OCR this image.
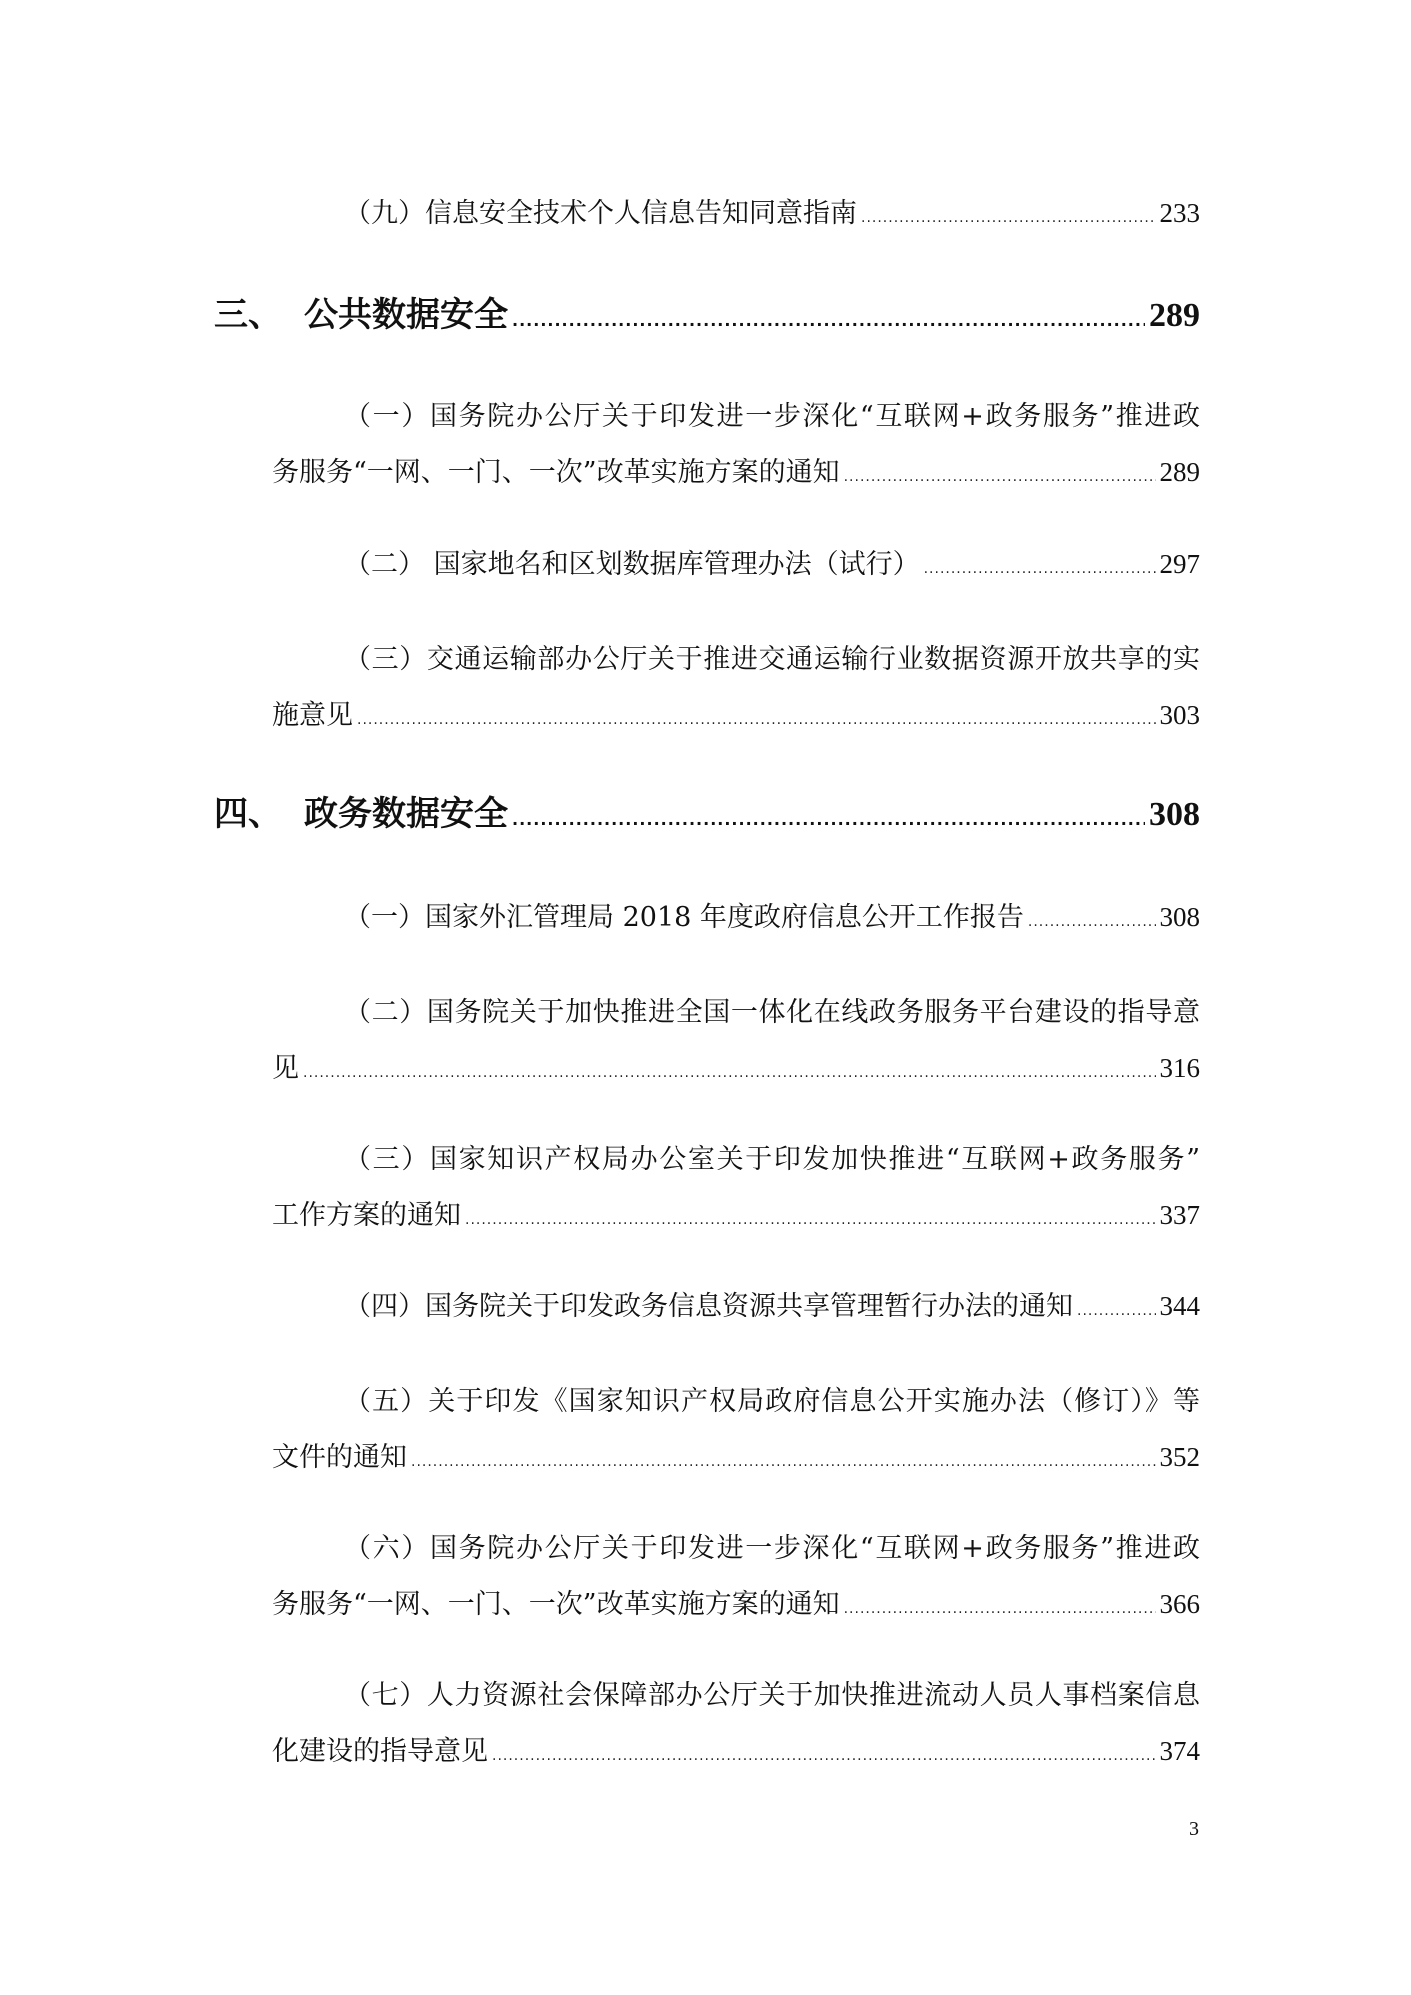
（九）信息安全技术个人信息告知同意指南 .....	233
三、 公共数据安全 .....	289
（一）国务院办公厅关于印发进一步深化“互联网+政务服务”推进政
务服务“一网、一门、一次”改革实施方案的通知 .....	289
（二） 国家地名和区划数据库管理办法（试行） .....	297
（三）交通运输部办公厅关于推进交通运输行业数据资源开放共享的实
施意见 .....	303
四、 政务数据安全 .....	308
（一）国家外汇管理局 2018 年度政府信息公开工作报告 .....	308
（二）国务院关于加快推进全国一体化在线政务服务平台建设的指导意
见 .....	316
（三）国家知识产权局办公室关于印发加快推进“互联网+政务服务”
工作方案的通知 .....	337
（四）国务院关于印发政务信息资源共享管理暂行办法的通知 .....	344
（五）关于印发《国家知识产权局政府信息公开实施办法（修订）》等
文件的通知 .....	352
（六）国务院办公厅关于印发进一步深化“互联网+政务服务”推进政
务服务“一网、一门、一次”改革实施方案的通知 .....	366
（七）人力资源社会保障部办公厅关于加快推进流动人员人事档案信息
化建设的指导意见 .....	374
3
